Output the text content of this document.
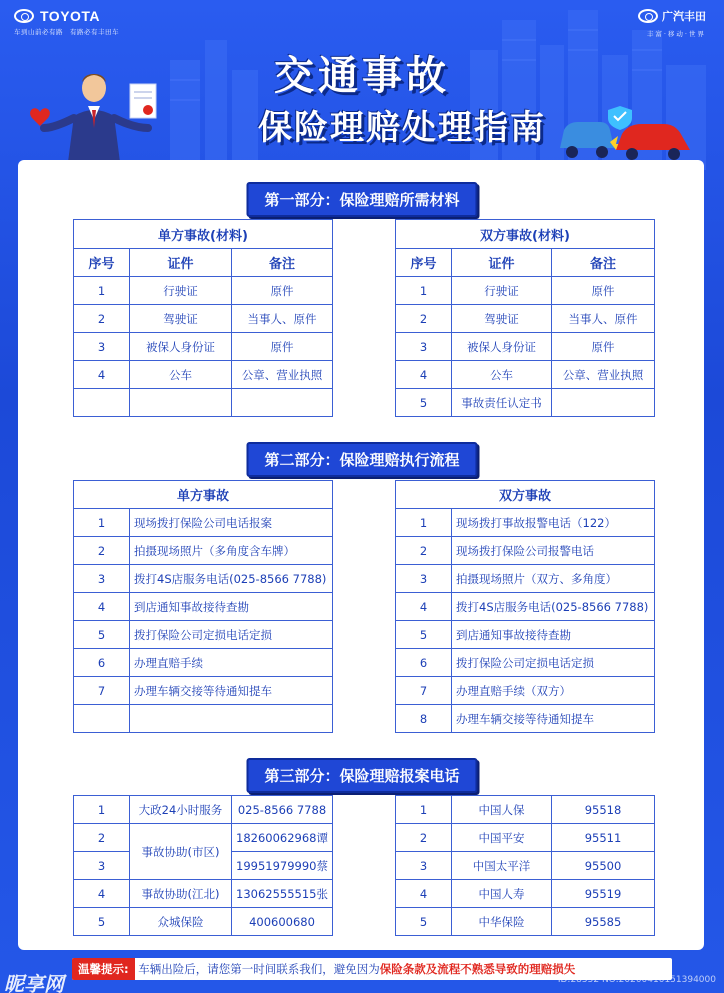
TOYOTA
车到山前必有路　有路必有丰田车
广汽丰田
丰富·移动·世界
交通事故
保险理赔处理指南
第一部分：保险理赔所需材料
单方事故(材料)		
序号	证件	备注
1	行驶证	原件
2	驾驶证	当事人、原件
3	被保人身份证	原件
4	公车	公章、营业执照

双方事故(材料)		
序号	证件	备注
1	行驶证	原件
2	驾驶证	当事人、原件
3	被保人身份证	原件
4	公车	公章、营业执照
5	事故责任认定书	
第二部分：保险理赔执行流程
单方事故	
1	现场拨打保险公司电话报案
2	拍摄现场照片（多角度含车牌）
3	拨打4S店服务电话(025-8566 7788)
4	到店通知事故接待查勘
5	拨打保险公司定损电话定损
6	办理直赔手续
7	办理车辆交接等待通知提车

双方事故	
1	现场拨打事故报警电话（122）
2	现场拨打保险公司报警电话
3	拍摄现场照片（双方、多角度）
4	拨打4S店服务电话(025-8566 7788)
5	到店通知事故接待查勘
6	拨打保险公司定损电话定损
7	办理直赔手续（双方）
8	办理车辆交接等待通知提车
第三部分：保险理赔报案电话
1	大政24小时服务	025-8566 7788
2	事故协助(市区)	18260062968谭
3		19951979990蔡
4	事故协助(江北)	13062555515张
5	众城保险	400600680
1	中国人保	95518
2	中国平安	95511
3	中国太平洋	95500
4	中国人寿	95519
5	中华保险	95585
温馨提示: 车辆出险后，请您第一时间联系我们，避免因为保险条款及流程不熟悉导致的理赔损失
昵享网	ID:28552 NO:20200410151394000
